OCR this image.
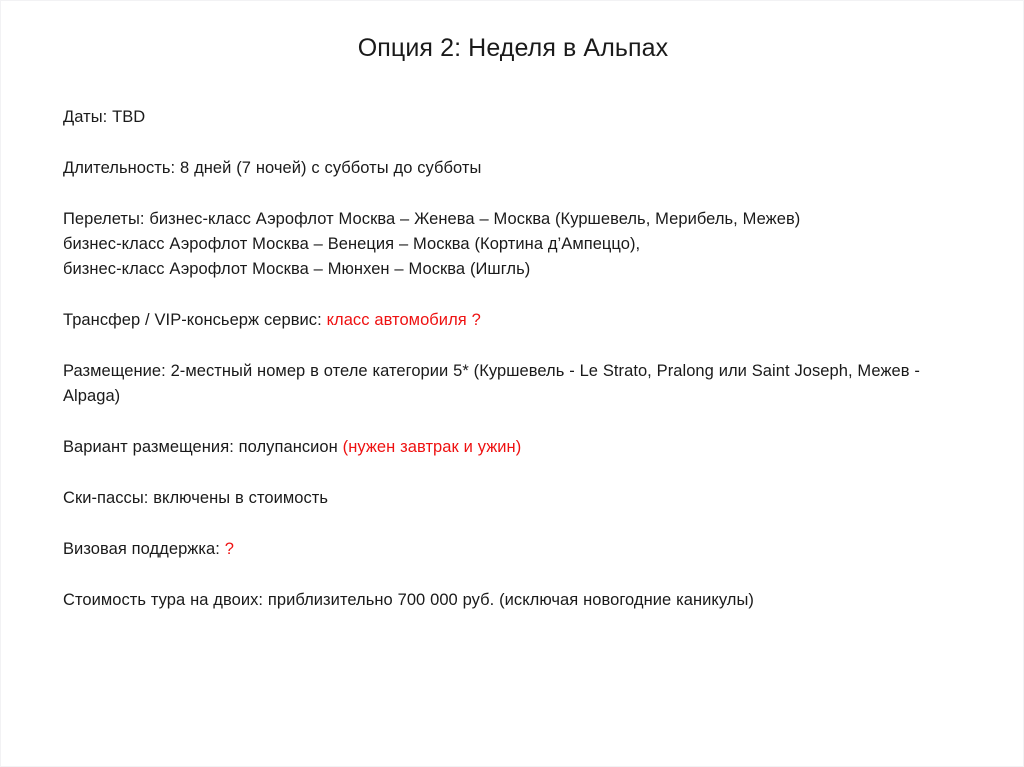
Опция 2: Неделя в Альпах

Даты: TBD

Длительность: 8 дней (7 ночей) с субботы до субботы

Перелеты: бизнес-класс Аэрофлот Москва – Женева – Москва (Куршевель, Мерибель, Межев)
бизнес-класс Аэрофлот Москва – Венеция – Москва (Кортина д’Ампеццо),
бизнес-класс Аэрофлот Москва – Мюнхен – Москва (Ишгль)

Трансфер / VIP-консьерж сервис: класс автомобиля ?

Размещение: 2-местный номер в отеле категории 5* (Куршевель - Le Strato, Pralong или Saint Joseph, Межев - Alpaga)

Вариант размещения: полупансион (нужен завтрак и ужин)

Ски-пассы: включены в стоимость

Визовая поддержка: ?

Стоимость тура на двоих: приблизительно 700 000 руб. (исключая новогодние каникулы)
